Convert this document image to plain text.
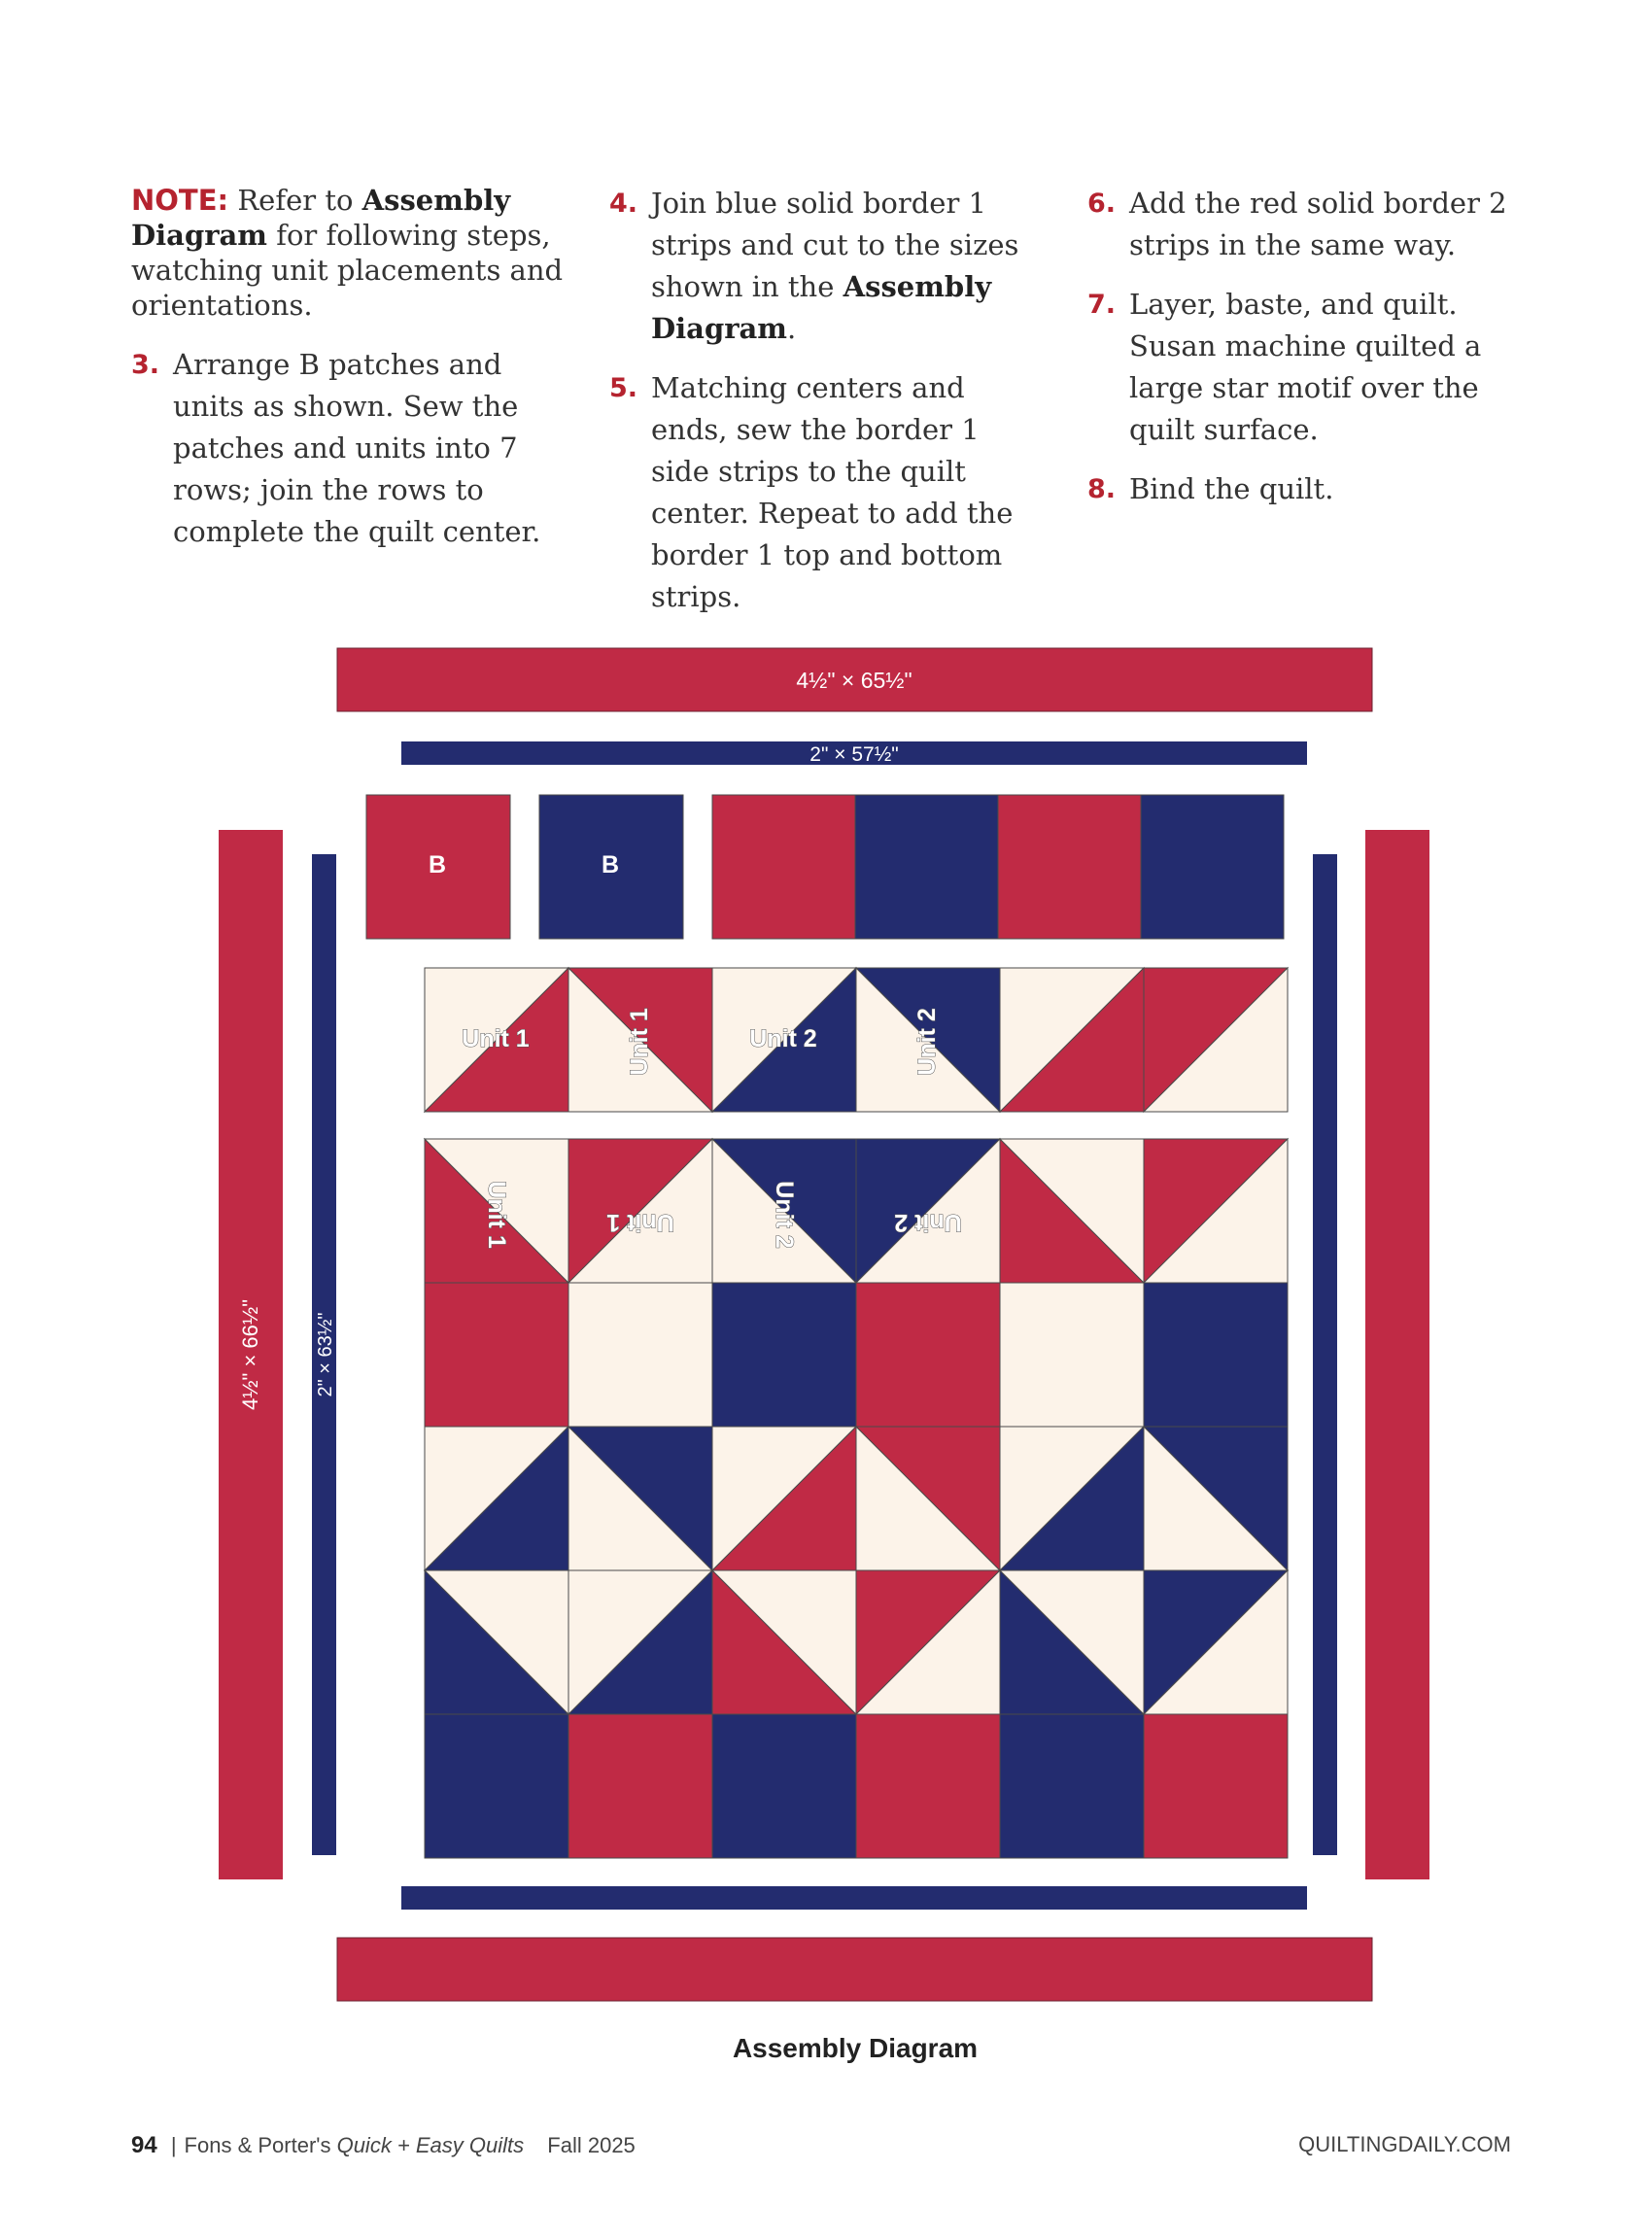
NOTE: Refer to Assembly Diagram for following steps, watching unit placements and orientations.

3. Arrange B patches and units as shown. Sew the patches and units into 7 rows; join the rows to complete the quilt center.

4. Join blue solid border 1 strips and cut to the sizes shown in the Assembly Diagram.

5. Matching centers and ends, sew the border 1 side strips to the quilt center. Repeat to add the border 1 top and bottom strips.

6. Add the red solid border 2 strips in the same way.

7. Layer, baste, and quilt. Susan machine quilted a large star motif over the quilt surface.

8. Bind the quilt.

4½" × 65½"
2" × 57½"
4½" × 66½"	2" × 63½"
B	B
Unit 1	Unit 1	Unit 2	Unit 2
Unit 1	Unit 1	Unit 2	Unit 2
Assembly Diagram
94 | Fons & Porter's Quick + Easy Quilts Fall 2025	QUILTINGDAILY.COM
